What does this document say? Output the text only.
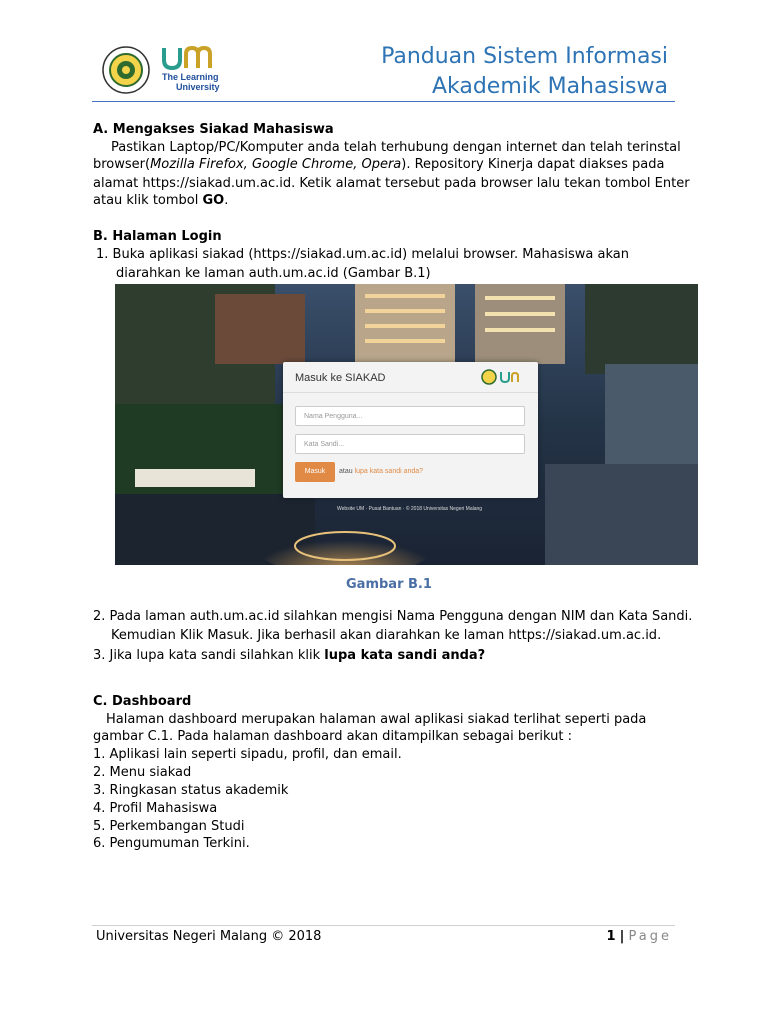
The Learning
University
Panduan Sistem Informasi
Akademik Mahasiswa
A. Mengakses Siakad Mahasiswa
Pastikan Laptop/PC/Komputer anda telah terhubung dengan internet dan telah terinstal
browser(Mozilla Firefox, Google Chrome, Opera). Repository Kinerja dapat diakses pada
alamat https://siakad.um.ac.id. Ketik alamat tersebut pada browser lalu tekan tombol Enter
atau klik tombol GO.
B. Halaman Login
1. Buka aplikasi siakad (https://siakad.um.ac.id) melalui browser. Mahasiswa akan
diarahkan ke laman auth.um.ac.id (Gambar B.1)
Masuk ke SIAKAD
Nama Pengguna...
Kata Sandi...
Masuk	atau lupa kata sandi anda?
Website UM · Pusat Bantuan · © 2018 Universitas Negeri Malang
Gambar B.1
2. Pada laman auth.um.ac.id silahkan mengisi Nama Pengguna dengan NIM dan Kata Sandi.
Kemudian Klik Masuk. Jika berhasil akan diarahkan ke laman https://siakad.um.ac.id.
3. Jika lupa kata sandi silahkan klik lupa kata sandi anda?
C. Dashboard
Halaman dashboard merupakan halaman awal aplikasi siakad terlihat seperti pada
gambar C.1. Pada halaman dashboard akan ditampilkan sebagai berikut :
1. Aplikasi lain seperti sipadu, profil, dan email.
2. Menu siakad
3. Ringkasan status akademik
4. Profil Mahasiswa
5. Perkembangan Studi
6. Pengumuman Terkini.
Universitas Negeri Malang © 2018	1 | Page
